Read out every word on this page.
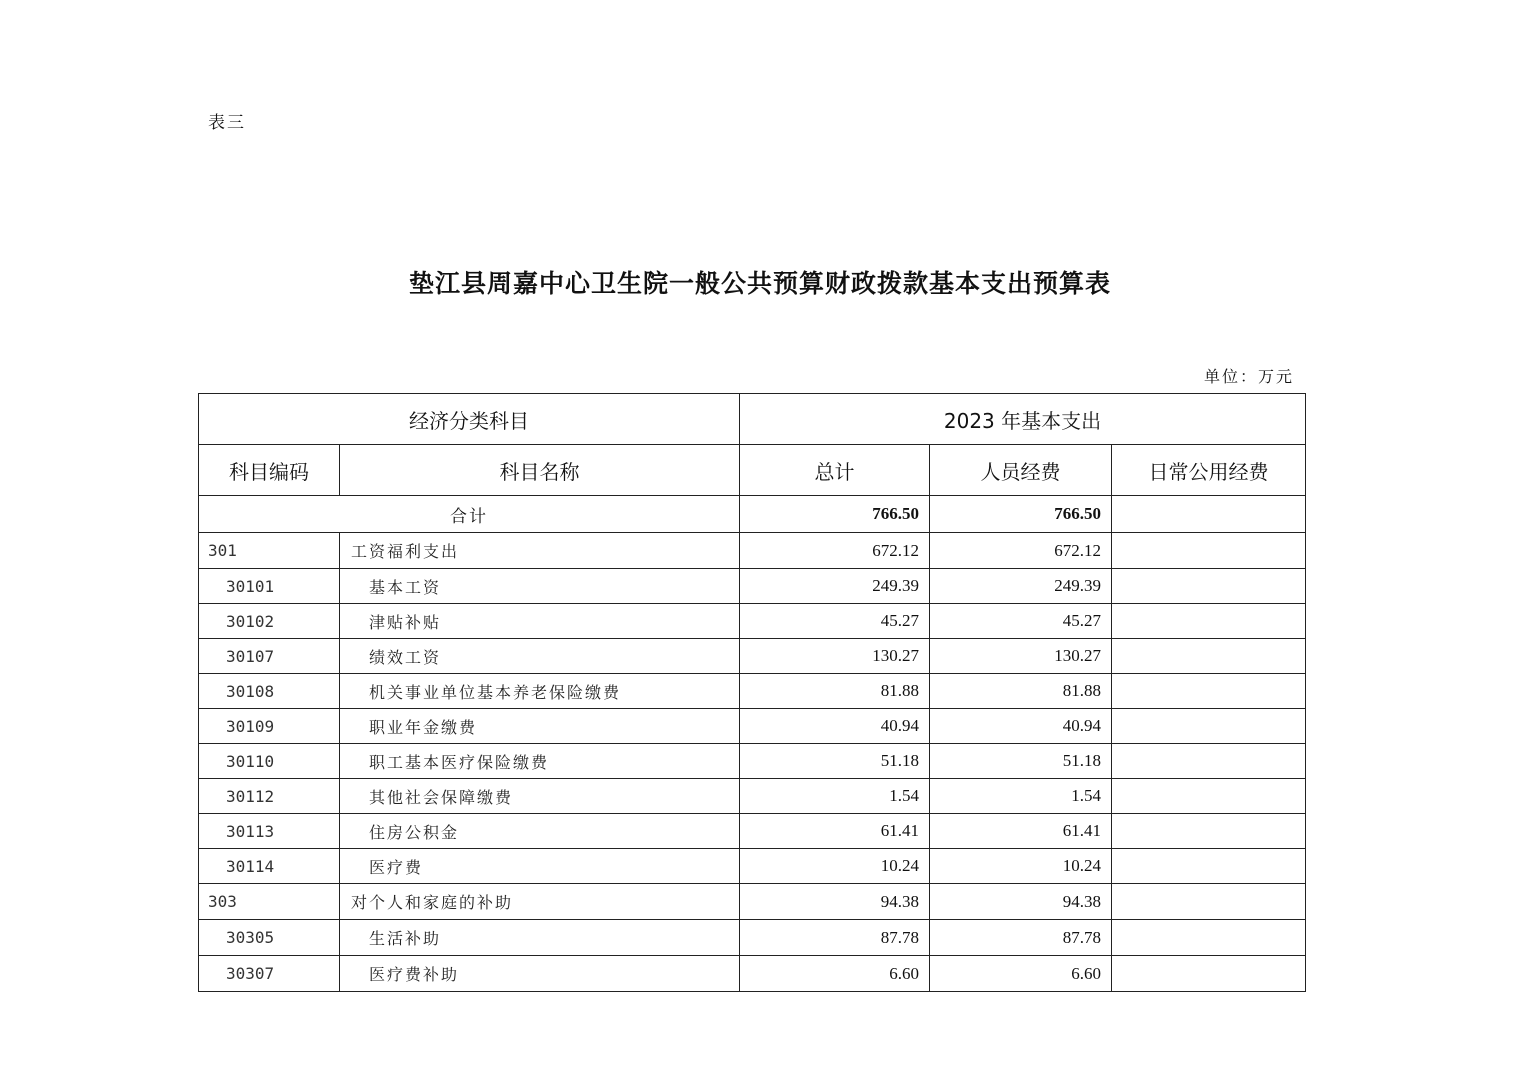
表三
垫江县周嘉中心卫生院一般公共预算财政拨款基本支出预算表
单位：万元
经济分类科目		2023 年基本支出		
科目编码	科目名称	总计	人员经费	日常公用经费
合计		766.50	766.50	
301	工资福利支出	672.12	672.12	
30101	基本工资	249.39	249.39	
30102	津贴补贴	45.27	45.27	
30107	绩效工资	130.27	130.27	
30108	机关事业单位基本养老保险缴费	81.88	81.88	
30109	职业年金缴费	40.94	40.94	
30110	职工基本医疗保险缴费	51.18	51.18	
30112	其他社会保障缴费	1.54	1.54	
30113	住房公积金	61.41	61.41	
30114	医疗费	10.24	10.24	
303	对个人和家庭的补助	94.38	94.38	
30305	生活补助	87.78	87.78	
30307	医疗费补助	6.60	6.60	
